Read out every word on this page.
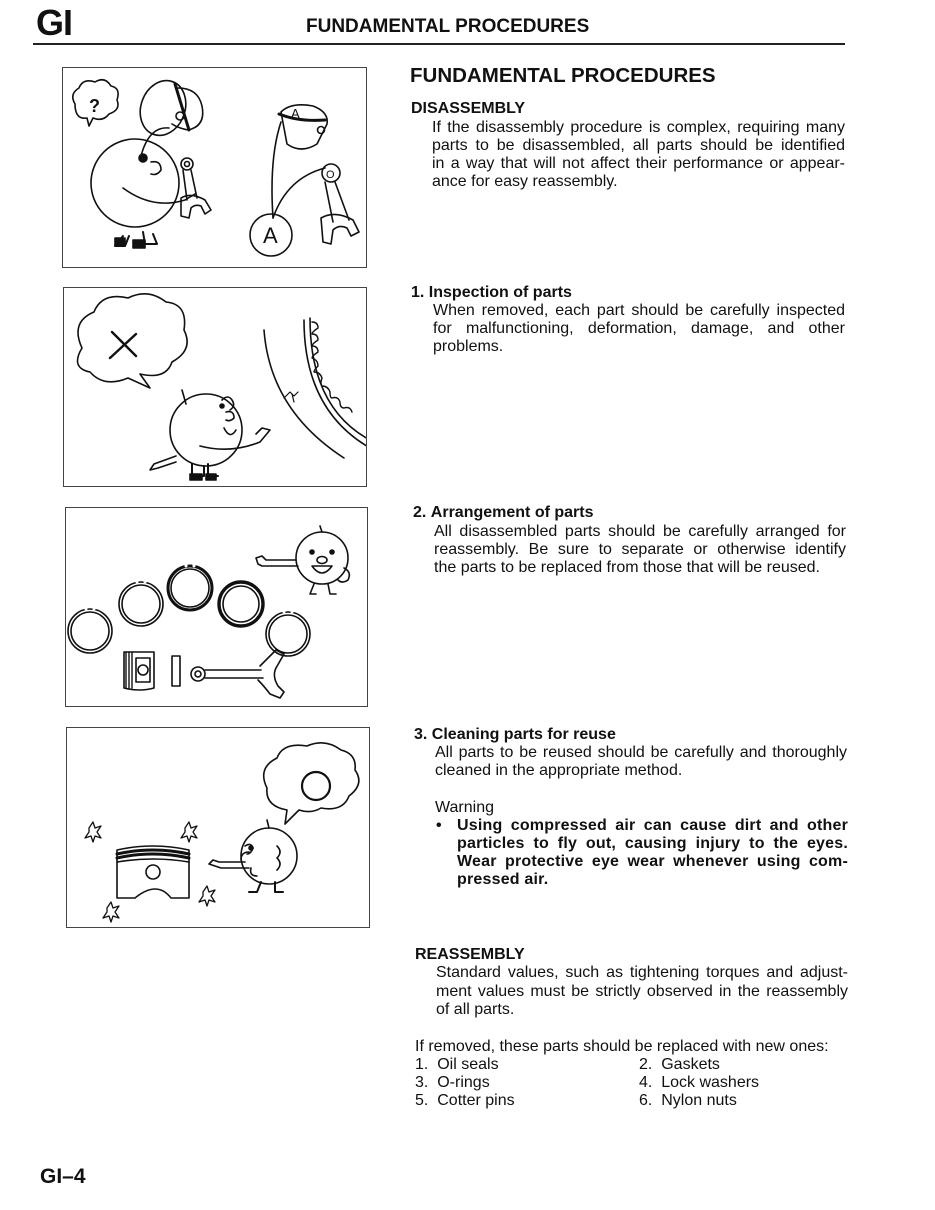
GI	FUNDAMENTAL PROCEDURES
?	A
O
A
FUNDAMENTAL PROCEDURES
DISASSEMBLY
If the disassembly procedure is complex, requiring many
parts to be disassembled, all parts should be identified
in a way that will not affect their performance or appear-
ance for easy reassembly.
1. Inspection of parts
When removed, each part should be carefully inspected
for malfunctioning, deformation, damage, and other
problems.
2. Arrangement of parts
All disassembled parts should be carefully arranged for
reassembly. Be sure to separate or otherwise identify
the parts to be replaced from those that will be reused.
3. Cleaning parts for reuse
All parts to be reused should be carefully and thoroughly
cleaned in the appropriate method.
Warning
• Using compressed air can cause dirt and other
particles to fly out, causing injury to the eyes.
Wear protective eye wear whenever using com-
pressed air.
REASSEMBLY
Standard values, such as tightening torques and adjust-
ment values must be strictly observed in the reassembly
of all parts.
If removed, these parts should be replaced with new ones:
1. Oil seals
3. O-rings
5. Cotter pins
2. Gaskets
4. Lock washers
6. Nylon nuts
GI–4
